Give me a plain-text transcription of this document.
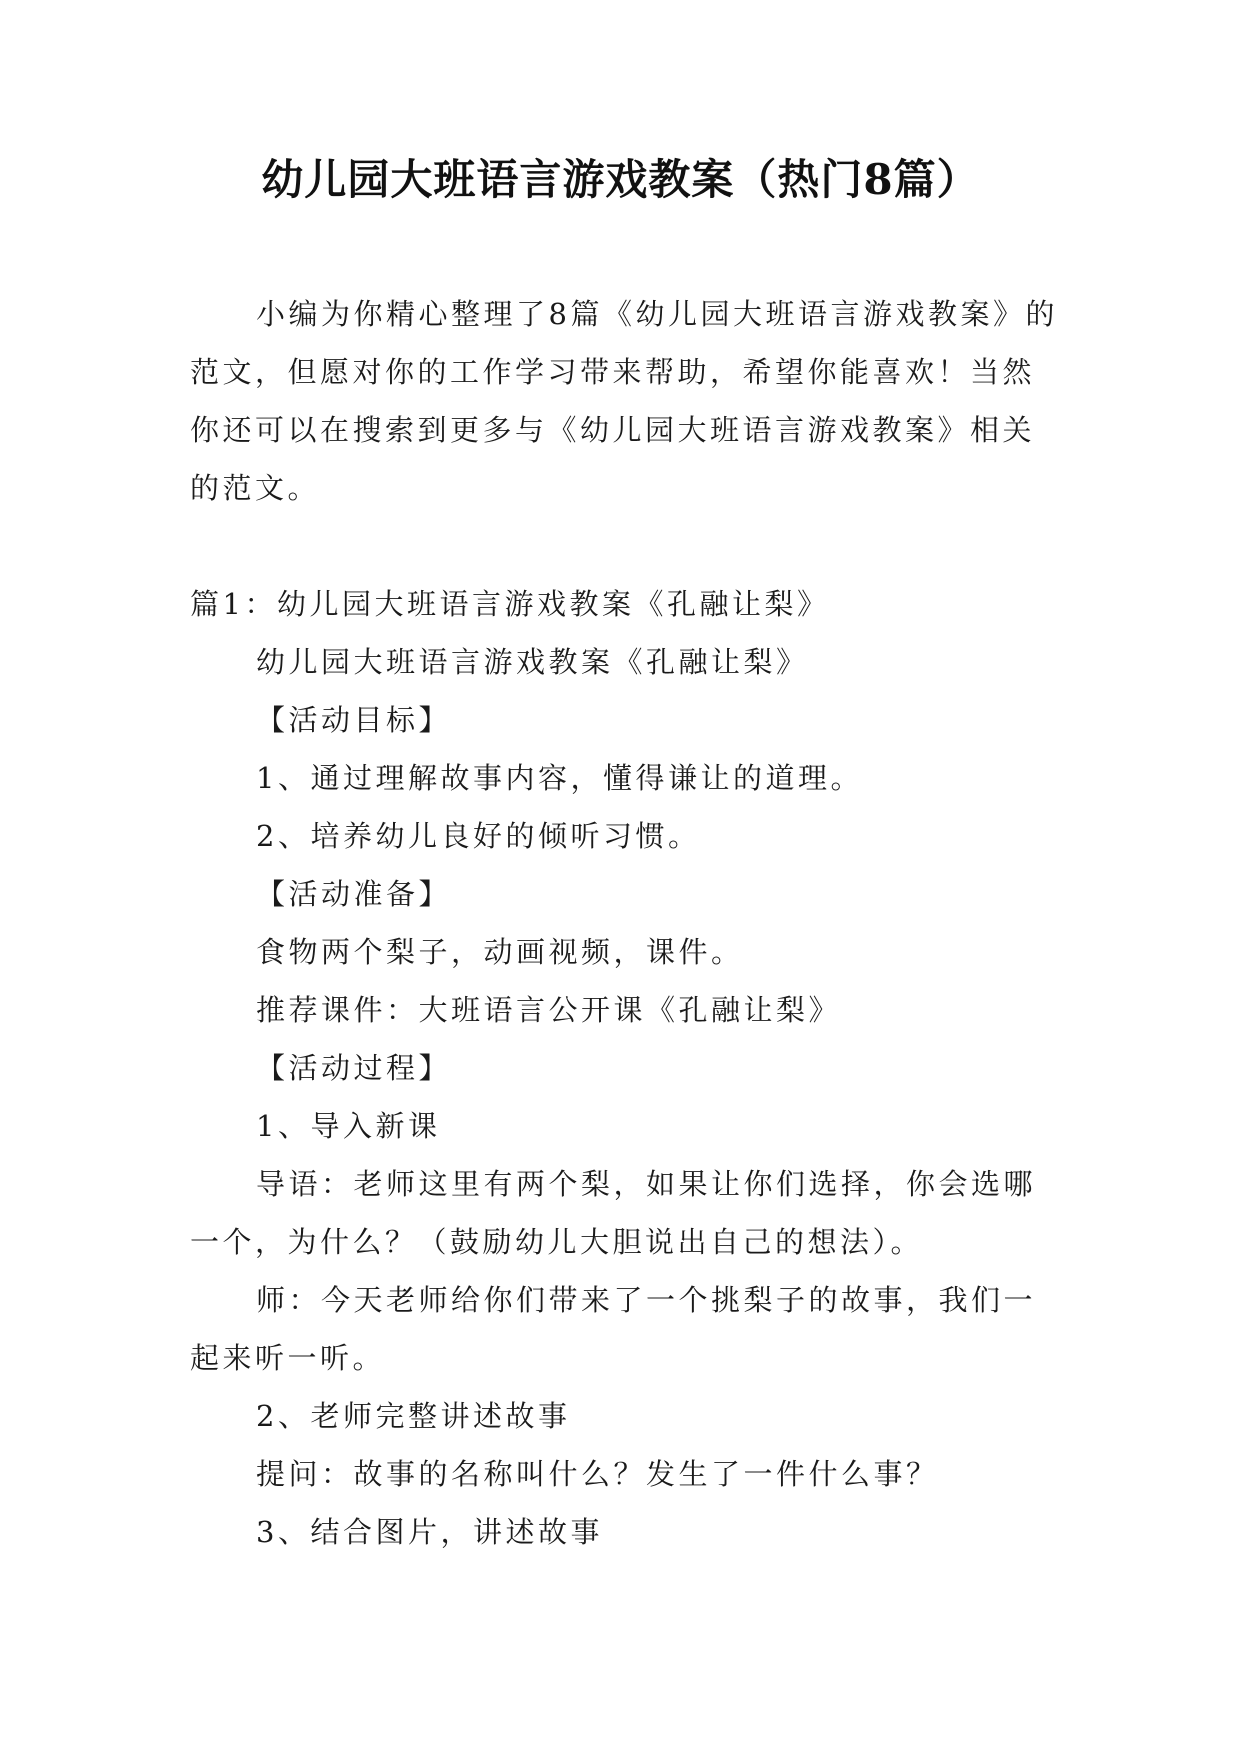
幼儿园大班语言游戏教案（热门8篇）

小编为你精心整理了8篇《幼儿园大班语言游戏教案》的范文，但愿对你的工作学习带来帮助，希望你能喜欢！当然你还可以在搜索到更多与《幼儿园大班语言游戏教案》相关的范文。

篇1：幼儿园大班语言游戏教案《孔融让梨》

幼儿园大班语言游戏教案《孔融让梨》

【活动目标】

1、通过理解故事内容，懂得谦让的道理。

2、培养幼儿良好的倾听习惯。

【活动准备】

食物两个梨子，动画视频，课件。

推荐课件：大班语言公开课《孔融让梨》

【活动过程】

1、导入新课

导语：老师这里有两个梨，如果让你们选择，你会选哪一个，为什么？（鼓励幼儿大胆说出自己的想法）。

师：今天老师给你们带来了一个挑梨子的故事，我们一起来听一听。

2、老师完整讲述故事

提问：故事的名称叫什么？发生了一件什么事？

3、结合图片，讲述故事
